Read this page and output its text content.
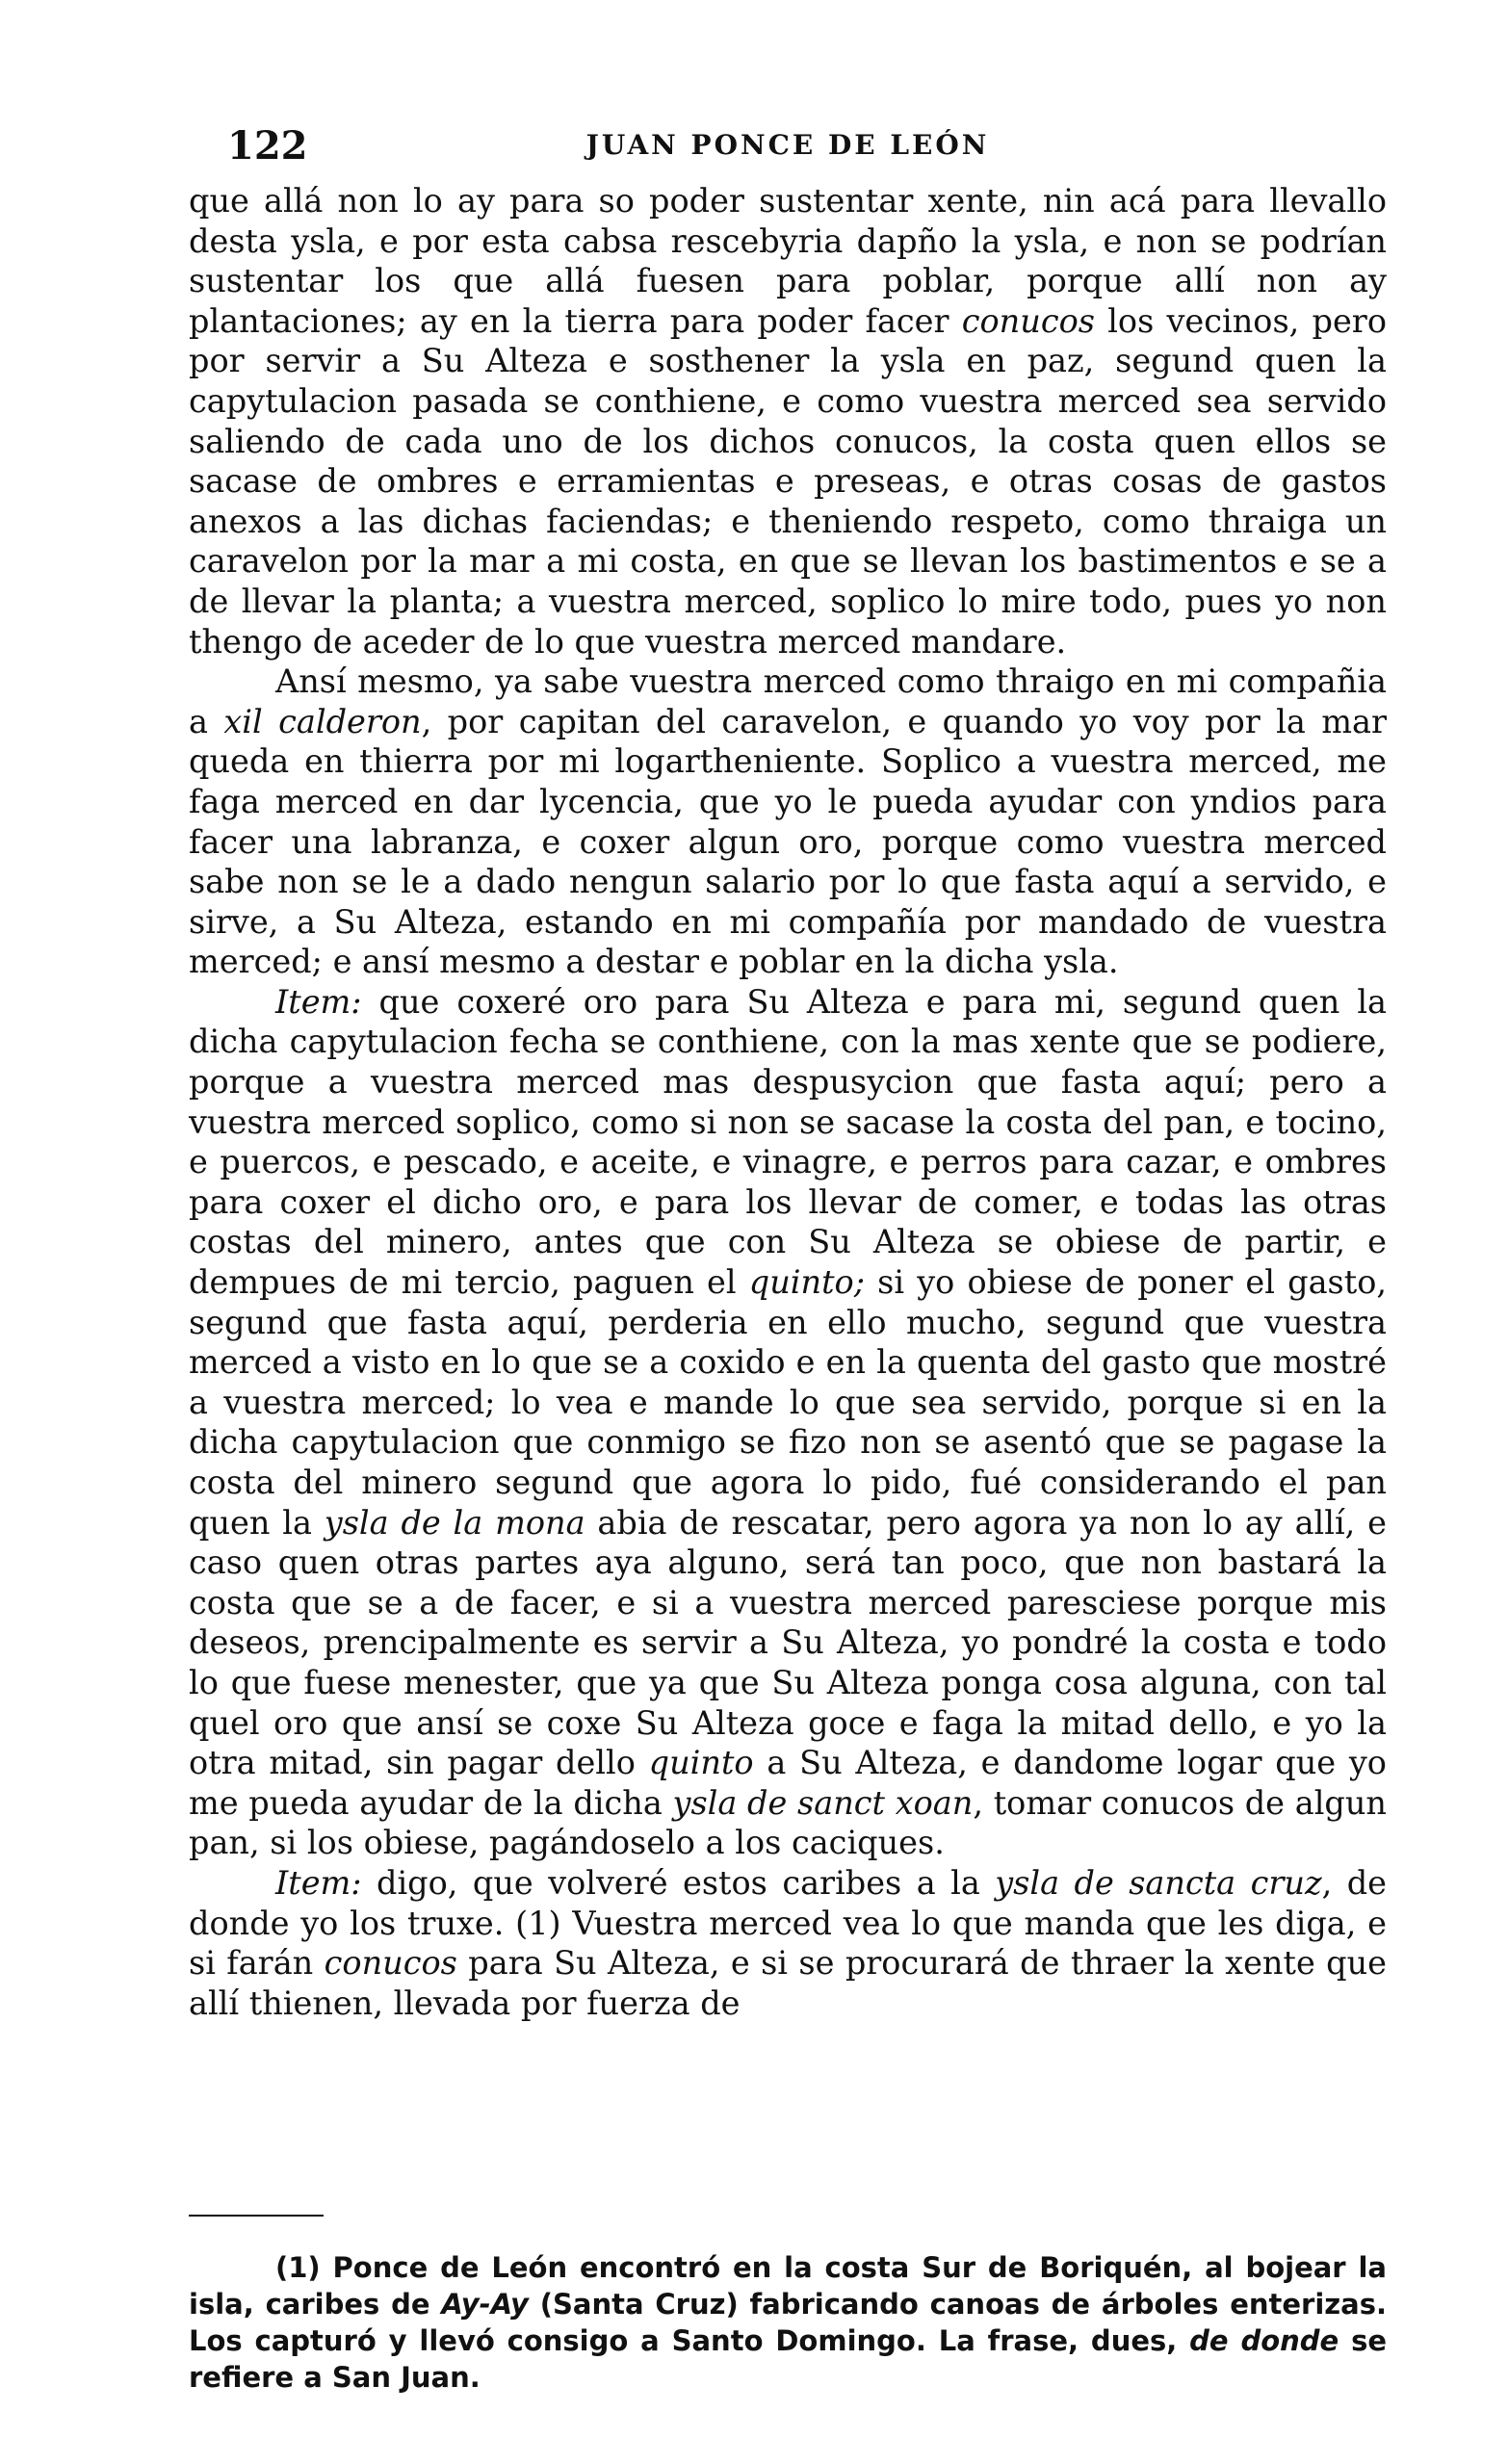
122	JUAN PONCE DE LEÓN

que allá non lo ay para so poder sustentar xente, nin acá para llevallo desta ysla, e por esta cabsa rescebyria dapño la ysla, e non se podrían sustentar los que allá fuesen para poblar, porque allí non ay plantaciones; ay en la tierra para poder facer conucos los vecinos, pero por servir a Su Alteza e sosthener la ysla en paz, segund quen la capytulacion pasada se conthiene, e como vuestra merced sea servido saliendo de cada uno de los dichos conucos, la costa quen ellos se sacase de ombres e erramientas e preseas, e otras cosas de gastos anexos a las dichas faciendas; e theniendo respeto, como thraiga un caravelon por la mar a mi costa, en que se llevan los bastimentos e se a de llevar la planta; a vuestra merced, soplico lo mire todo, pues yo non thengo de aceder de lo que vuestra merced mandare.

Ansí mesmo, ya sabe vuestra merced como thraigo en mi compañia a xil calderon, por capitan del caravelon, e quando yo voy por la mar queda en thierra por mi logartheniente. Soplico a vuestra merced, me faga merced en dar lycencia, que yo le pueda ayudar con yndios para facer una labranza, e coxer algun oro, porque como vuestra merced sabe non se le a dado nengun salario por lo que fasta aquí a servido, e sirve, a Su Alteza, estando en mi compañía por mandado de vuestra merced; e ansí mesmo a destar e poblar en la dicha ysla.

Item: que coxeré oro para Su Alteza e para mi, segund quen la dicha capytulacion fecha se conthiene, con la mas xente que se podiere, porque a vuestra merced mas despusycion que fasta aquí; pero a vuestra merced soplico, como si non se sacase la costa del pan, e tocino, e puercos, e pescado, e aceite, e vinagre, e perros para cazar, e ombres para coxer el dicho oro, e para los llevar de comer, e todas las otras costas del minero, antes que con Su Alteza se obiese de partir, e dempues de mi tercio, paguen el quinto; si yo obiese de poner el gasto, segund que fasta aquí, perderia en ello mucho, segund que vuestra merced a visto en lo que se a coxido e en la quenta del gasto que mostré a vuestra merced; lo vea e mande lo que sea servido, porque si en la dicha capytulacion que conmigo se fizo non se asentó que se pagase la costa del minero segund que agora lo pido, fué considerando el pan quen la ysla de la mona abia de rescatar, pero agora ya non lo ay allí, e caso quen otras partes aya alguno, será tan poco, que non bastará la costa que se a de facer, e si a vuestra merced paresciese porque mis deseos, prencipalmente es servir a Su Alteza, yo pondré la costa e todo lo que fuese menester, que ya que Su Alteza ponga cosa alguna, con tal quel oro que ansí se coxe Su Alteza goce e faga la mitad dello, e yo la otra mitad, sin pagar dello quinto a Su Alteza, e dandome logar que yo me pueda ayudar de la dicha ysla de sanct xoan, tomar conucos de algun pan, si los obiese, pagándoselo a los caciques.

Item: digo, que volveré estos caribes a la ysla de sancta cruz, de donde yo los truxe. (1) Vuestra merced vea lo que manda que les diga, e si farán conucos para Su Alteza, e si se procurará de thraer la xente que allí thienen, llevada por fuerza de

(1) Ponce de León encontró en la costa Sur de Boriquén, al bojear la isla, caribes de Ay-Ay (Santa Cruz) fabricando canoas de árboles enterizas. Los capturó y llevó consigo a Santo Domingo. La frase, dues, de donde se refiere a San Juan.
